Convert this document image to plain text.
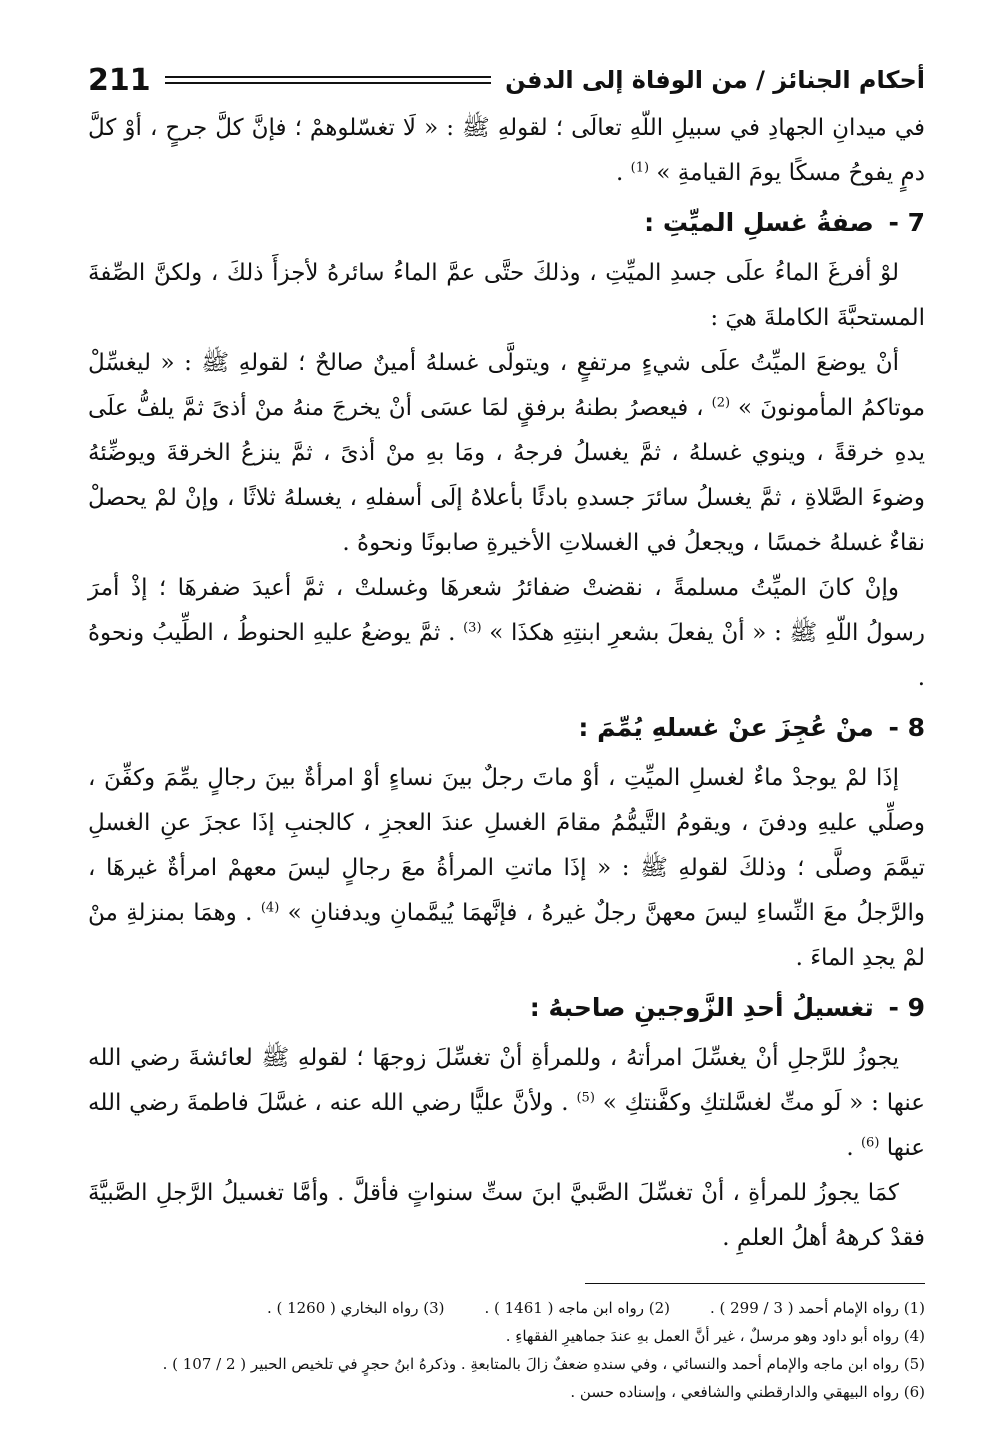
أحكام الجنائز / من الوفاة إلى الدفن
211

في ميدانِ الجهادِ في سبيلِ اللّهِ تعالَى ؛ لقولهِ ﷺ : « لَا تغسّلوهمْ ؛ فإنَّ كلَّ جرحٍ ، أوْ كلَّ دمٍ يفوحُ مسكًا يومَ القيامةِ » $^{(1)}$ .

7 - صفةُ غسلِ الميِّتِ :

لوْ أفرغَ الماءُ علَى جسدِ الميِّتِ ، وذلكَ حتَّى عمَّ الماءُ سائرهُ لأجزأَ ذلكَ ، ولكنَّ الصِّفةَ المستحبَّةَ الكاملةَ هيَ :

أنْ يوضعَ الميِّتُ علَى شيءٍ مرتفعٍ ، ويتولَّى غسلهُ أمينٌ صالحٌ ؛ لقولهِ ﷺ : « ليغسِّلْ موتاكمُ المأمونونَ » $^{(2)}$ ، فيعصرُ بطنهُ برفقٍ لمَا عسَى أنْ يخرجَ منهُ منْ أذىً ثمَّ يلفُّ علَى يدهِ خرقةً ، وينوي غسلهُ ، ثمَّ يغسلُ فرجهُ ، ومَا بهِ منْ أذىً ، ثمَّ ينزعُ الخرقةَ ويوضِّئهُ وضوءَ الصَّلاةِ ، ثمَّ يغسلُ سائرَ جسدهِ بادئًا بأعلاهُ إلَى أسفلهِ ، يغسلهُ ثلاثًا ، وإنْ لمْ يحصلْ نقاءٌ غسلهُ خمسًا ، ويجعلُ في الغسلاتِ الأخيرةِ صابونًا ونحوهُ .

وإنْ كانَ الميِّتُ مسلمةً ، نقضتْ ضفائرُ شعرهَا وغسلتْ ، ثمَّ أعيدَ ضفرهَا ؛ إذْ أمرَ رسولُ اللّهِ ﷺ : « أنْ يفعلَ بشعرِ ابنتِهِ هكذَا » $^{(3)}$ . ثمَّ يوضعُ عليهِ الحنوطُ ، الطِّيبُ ونحوهُ .

8 - منْ عُجِزَ عنْ غسلهِ يُمِّمَ :

إذَا لمْ يوجدْ ماءٌ لغسلِ الميِّتِ ، أوْ ماتَ رجلٌ بينَ نساءٍ أوْ امرأةٌ بينَ رجالٍ يمِّمَ وكفِّنَ ، وصلِّي عليهِ ودفنَ ، ويقومُ التَّيمُّمُ مقامَ الغسلِ عندَ العجزِ ، كالجنبِ إذَا عجزَ عنِ الغسلِ تيمَّمَ وصلَّى ؛ وذلكَ لقولهِ ﷺ : « إذَا ماتتِ المرأةُ معَ رجالٍ ليسَ معهمْ امرأةٌ غيرهَا ، والرَّجلُ معَ النِّساءِ ليسَ معهنَّ رجلٌ غيرهُ ، فإنَّهمَا يُيمَّمانِ ويدفنانِ » $^{(4)}$ . وهمَا بمنزلةِ منْ لمْ يجدِ الماءَ .

9 - تغسيلُ أحدِ الزَّوجينِ صاحبهُ :

يجوزُ للرَّجلِ أنْ يغسِّلَ امرأتهُ ، وللمرأةِ أنْ تغسِّلَ زوجهَا ؛ لقولهِ ﷺ لعائشةَ رضي الله عنها : « لَو متِّ لغسَّلتكِ وكفَّنتكِ » $^{(5)}$ . ولأنَّ عليًّا رضي الله عنه ، غسَّلَ فاطمةَ رضي الله عنها $^{(6)}$ .

كمَا يجوزُ للمرأةِ ، أنْ تغسِّلَ الصَّبيَّ ابنَ ستِّ سنواتٍ فأقلَّ . وأمَّا تغسيلُ الرَّجلِ الصَّبيَّةَ فقدْ كرههُ أهلُ العلمِ .

(1) رواه الإمام أحمد ( 3 / 299 ) .
(2) رواه ابن ماجه ( 1461 ) .
(3) رواه البخاري ( 1260 ) .
(4) رواه أبو داود وهو مرسلٌ ، غير أنَّ العمل بهِ عندَ جماهيرِ الفقهاءِ .
(5) رواه ابن ماجه والإمام أحمد والنسائي ، وفي سندهِ ضعفٌ زالَ بالمتابعةِ . وذكرهُ ابنُ حجرٍ في تلخيص الحبير ( 2 / 107 ) .
(6) رواه البيهقي والدارقطني والشافعي ، وإسناده حسن .
